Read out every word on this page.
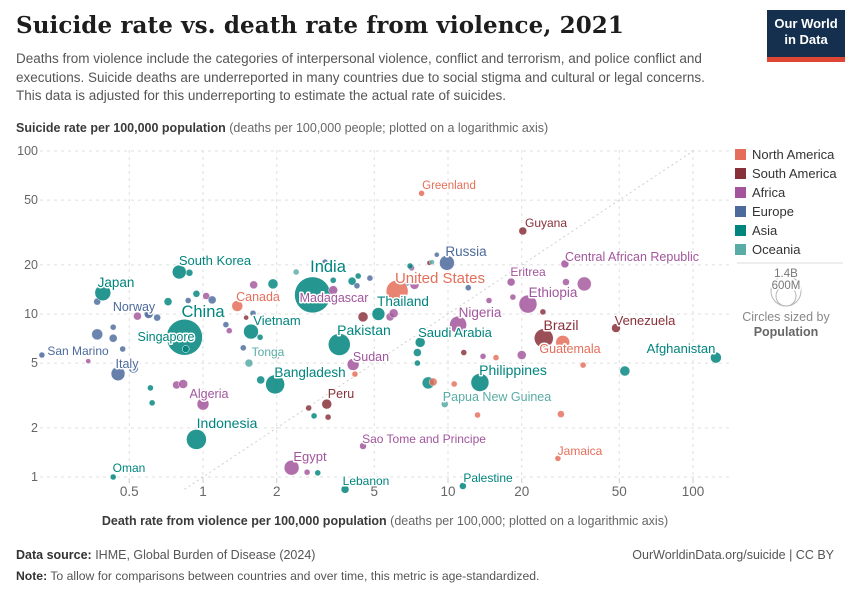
Suicide rate vs. death rate from violence, 2021
Deaths from violence include the categories of interpersonal violence, conflict and terrorism, and police conflict and executions. Suicide deaths are underreported in many countries due to social stigma and cultural or legal concerns. This data is adjusted for this underreporting to estimate the actual rate of suicides.
Our World
in Data
Suicide rate per 100,000 population (deaths per 100,000 people; plotted on a logarithmic axis)
1
2
5
10
20
50
100
0.5	1	2	5	10	20	50	100
Japan
South Korea
Norway China
Singapore
San Marino
Italy
Canada
Vietnam
Tonga
Algeria
Indonesia
Oman
India
Madagascar
Pakistan
Sudan
Bangladesh
Peru
Egypt
Sao Tome and Principe
Lebanon
Greenland
Guyana
Russia	Central African Republic
Eritrea
Ethiopia
United States
Thailand
Nigeria
Saudi Arabia	Brazil
Guatemala
Venezuela
Afghanistan
Philippines
Papua New Guinea
Jamaica
Palestine
1.4B
600M
Circles sized by
Population
Death rate from violence per 100,000 population (deaths per 100,000; plotted on a logarithmic axis)
North America
South America
Africa
Europe
Asia
Oceania
Data source: IHME, Global Burden of Disease (2024)	OurWorldinData.org/suicide | CC BY
Note: To allow for comparisons between countries and over time, this metric is age-standardized.
